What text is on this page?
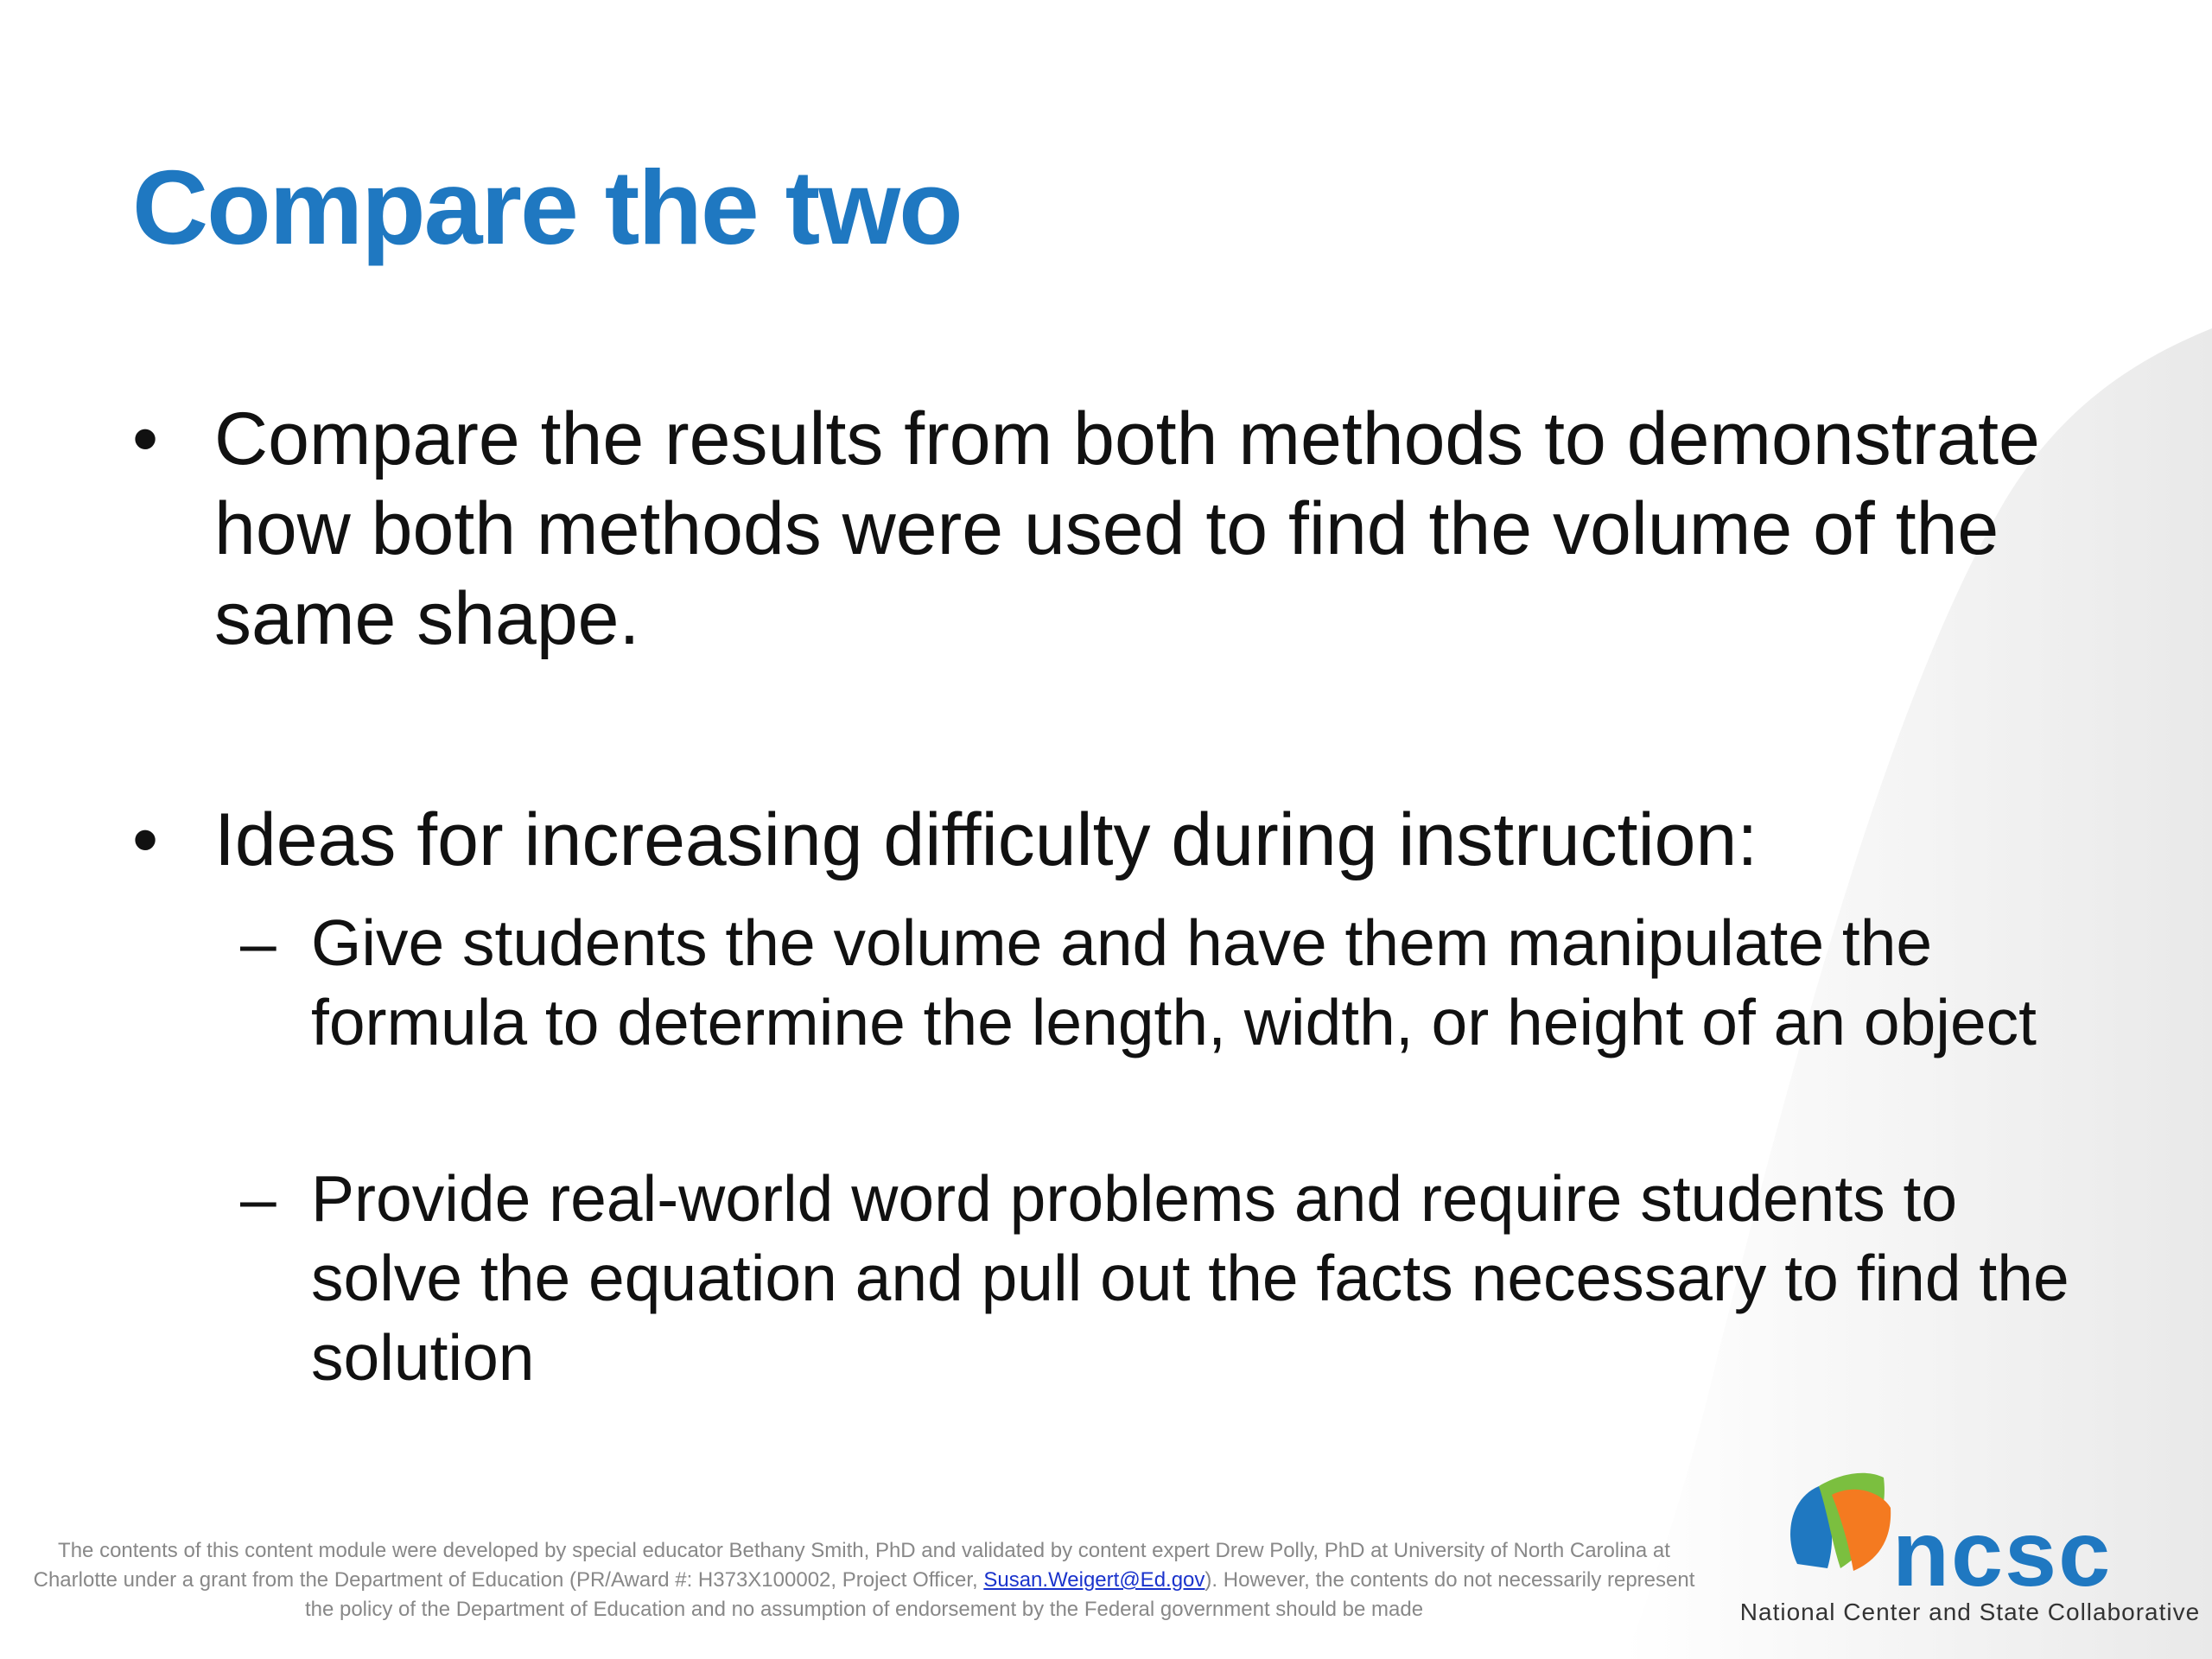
Compare the two
• Compare the results from both methods to demonstrate how both methods were used to find the volume of the same shape.
• Ideas for increasing difficulty during instruction:
– Give students the volume and have them manipulate the formula to determine the length, width, or height of an object
– Provide real-world word problems and require students to solve the equation and pull out the facts necessary to find the solution
The contents of this content module were developed by special educator Bethany Smith, PhD and validated by content expert Drew Polly, PhD at University of North Carolina at Charlotte under a grant from the Department of Education (PR/Award #: H373X100002, Project Officer, Susan.Weigert@Ed.gov). However, the contents do not necessarily represent the policy of the Department of Education and no assumption of endorsement by the Federal government should be made
ncsc
National Center and State Collaborative
